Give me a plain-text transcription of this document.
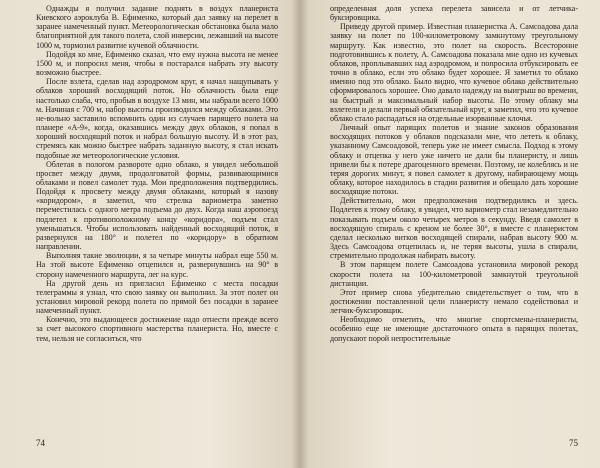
Однажды я получил задание поднять в воздух планериста Киевского аэроклуба В. Ефименко, который дал заявку на перелет в заранее намеченный пункт. Метеорологическая обстановка была мало благоприятной для такого полета, слой инверсии, лежавший на высоте 1000 м, тормозил развитие кучевой облачности.

Подойдя ко мне, Ефименко сказал, что ему нужна высота не менее 1500 м, и попросил меня, чтобы я постарался набрать эту высоту возможно быстрее.

После взлета, сделав над аэродромом круг, я начал нащупывать у облаков хороший восходящий поток. Но облачность была еще настолько слаба, что, пробыв в воздухе 13 мин, мы набрали всего 1000 м. Начиная с 700 м, набор высоты производился между облаками. Это не-вольно заставило вспомнить один из случаев парящего полета на планере «А-9», когда, оказавшись между двух облаков, я попал в хороший восходящий поток и набрал большую высоту. И в этот раз, стремясь как можно быстрее набрать заданную высоту, я стал искать подобные же метеорологические условия.

Облетая в пологом развороте одно облако, я увидел небольшой просвет между двумя, продолговатой формы, развивающимися облаками и повел самолет туда. Мои предположения подтвердились. Подойдя к просвету между двумя облаками, который я назову «коридором», я заметил, что стрелка вариометра заметно переместилась с одного метра подъема до двух. Когда наш аэропоезд подлетел к противоположному концу «коридора», подъем стал уменьшаться. Чтобы использовать найденный восходящий поток, я развернулся на 180° и полетел по «коридору» в обратном направлении.

Выполняя такие эволюции, я за четыре минуты набрал еще 550 м. На этой высоте Ефименко отцепился и, развернувшись на 90° в сторону намеченного маршрута, лег на курс.

На другой день из пригласил Ефименко с места посадки телеграммы я узнал, что свою заявку он выполнил. За этот полет он установил мировой рекорд полета по прямой без посадки в заранее намеченный пункт.

Конечно, это выдающееся достижение надо отнести прежде всего за счет высокого спортивного мастерства планериста. Но, вместе с тем, нельзя не согласиться, что

74

определенная доля успеха перелета зависела и от летчика-буксировщика.

Приведу другой пример. Известная планеристка А. Самсоадова дала заявку на полет по 100-километровому замкнутому треугольному маршруту. Как известно, это полет на скорость. Всесторонне подготовившись к полету, А. Самсоадова показала мне одно из кучевых облаков, проплывавших над аэродромом, и попросила отбуксировать ее точно в облако, если это облако будет хорошее. Я заметил то облако именно под это облако. Было видно, что кучевое облако действительно сформировалось хорошее. Оно давало надежду на выигрыш во времени, на быстрый и максимальный набор высоты. По этому облаку мы взлетели и делали первый обязательный круг, я заметил, что это кучевое облако стало распадаться на отдельные изорванные клочья.

Личный опыт парящих полетов и знание законов образования восходящих потоков у облаков подсказали мне, что лететь к облаку, указанному Самсоадовой, теперь уже не имеет смысла. Подход к этому облаку и отцепка у него уже ничего не дали бы планеристу, и лишь привели бы к потере драгоценного времени. Поэтому, не колеблясь и не теряя дорогих минут, я повел самолет к другому, набирающему мощь облаку, которое находилось в стадии развития и обещало дать хорошие восходящие потоки.

Действительно, мои предположения подтвердились и здесь. Подлетев к этому облаку, я увидел, что вариометр стал незамедлительно показывать подъем около четырех метров в секунду. Введя самолет в восходящую спираль с креном не более 30°, я вместе с планеристом сделал несколько витков восходящей спирали, набрав высоту 900 м. Здесь Самсоадова отцепилась и, не теряя высоты, ушла в спирали, стремительно продолжая набирать высоту.

В этом парящем полете Самсоадова установила мировой рекорд скорости полета на 100-километровой замкнутой треугольной дистанции.

Этот пример снова убедительно свидетельствует о том, что в достижении поставленной цели планеристу немало содействовал и летчик-буксировщик.

Необходимо отметить, что многие спортсмены-планеристы, особенно еще не имеющие достаточного опыта в парящих полетах, допускают порой непростительные

75
